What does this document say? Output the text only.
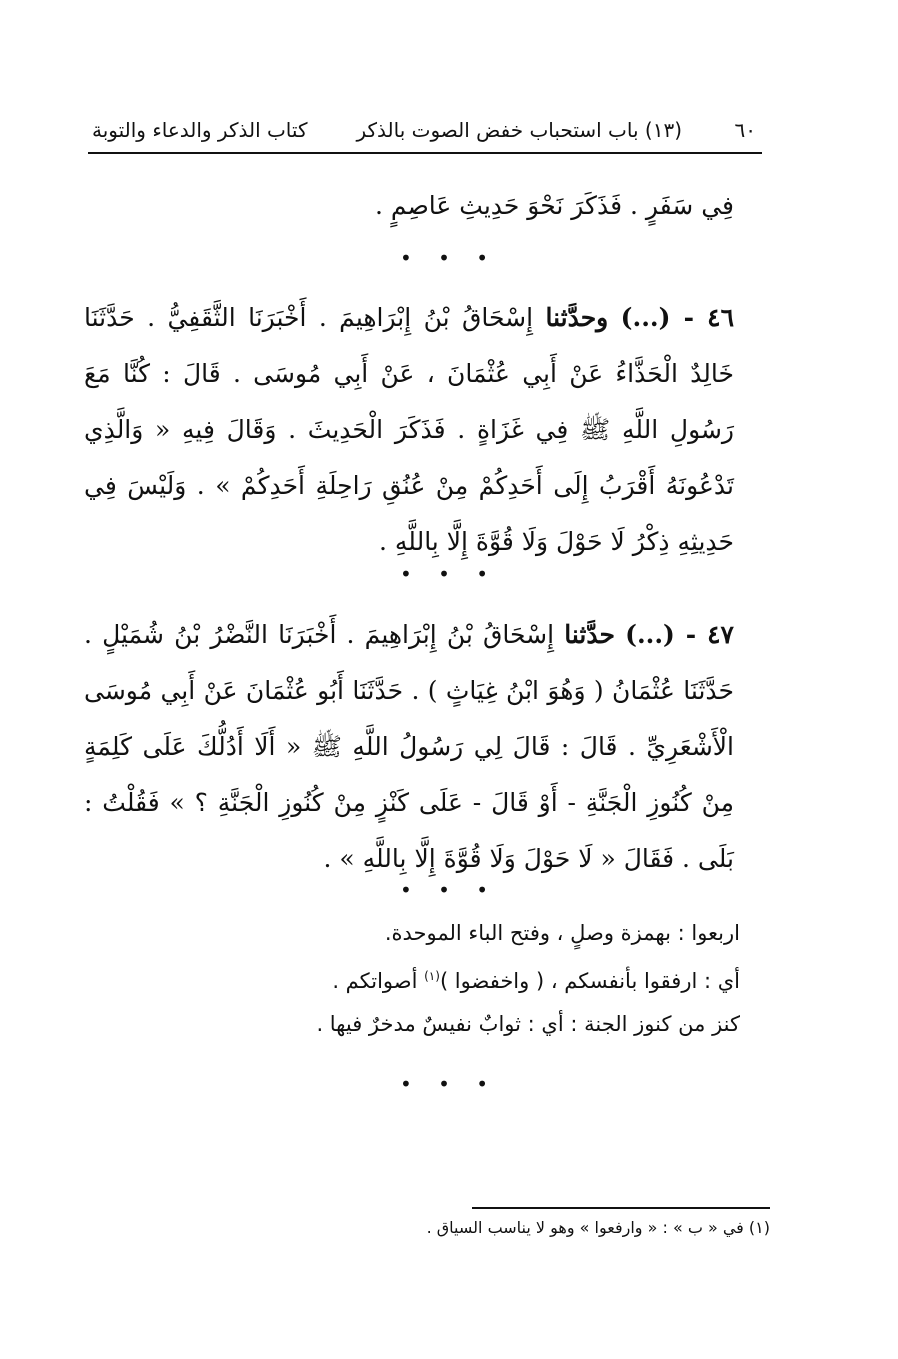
٦٠
(١٣) باب استحباب خفض الصوت بالذكر
كتاب الذكر والدعاء والتوبة
فِي سَفَرٍ . فَذَكَرَ نَحْوَ حَدِيثِ عَاصِمٍ .
• • •
٤٦ - (...) وحدَّثنا إِسْحَاقُ بْنُ إِبْرَاهِيمَ . أَخْبَرَنَا الثَّقَفِيُّ . حَدَّثَنَا خَالِدٌ الْحَذَّاءُ عَنْ أَبِي عُثْمَانَ ، عَنْ أَبِي مُوسَى . قَالَ : كُنَّا مَعَ رَسُولِ اللَّهِ ﷺ فِي غَزَاةٍ . فَذَكَرَ الْحَدِيثَ . وَقَالَ فِيهِ « وَالَّذِي تَدْعُونَهُ أَقْرَبُ إِلَى أَحَدِكُمْ مِنْ عُنُقِ رَاحِلَةِ أَحَدِكُمْ » . وَلَيْسَ فِي حَدِيثِهِ ذِكْرُ لَا حَوْلَ وَلَا قُوَّةَ إِلَّا بِاللَّهِ .
• • •
٤٧ - (...) حدَّثنا إِسْحَاقُ بْنُ إِبْرَاهِيمَ . أَخْبَرَنَا النَّضْرُ بْنُ شُمَيْلٍ . حَدَّثَنَا عُثْمَانُ ( وَهُوَ ابْنُ غِيَاثٍ ) . حَدَّثَنَا أَبُو عُثْمَانَ عَنْ أَبِي مُوسَى الْأَشْعَرِيِّ . قَالَ : قَالَ لِي رَسُولُ اللَّهِ ﷺ « أَلَا أَدُلُّكَ عَلَى كَلِمَةٍ مِنْ كُنُوزِ الْجَنَّةِ - أَوْ قَالَ - عَلَى كَنْزٍ مِنْ كُنُوزِ الْجَنَّةِ ؟ » فَقُلْتُ : بَلَى . فَقَالَ « لَا حَوْلَ وَلَا قُوَّةَ إِلَّا بِاللَّهِ » .
• • •
اربعوا : بهمزة وصلٍ ، وفتح الباء الموحدة.
أي : ارفقوا بأنفسكم ، ( واخفضوا )$^{(١)}$ أصواتكم .
كنز من كنوز الجنة : أي : ثوابٌ نفيسٌ مدخرٌ فيها .
• • •
(١) في « ب » : « وارفعوا » وهو لا يناسب السياق .
